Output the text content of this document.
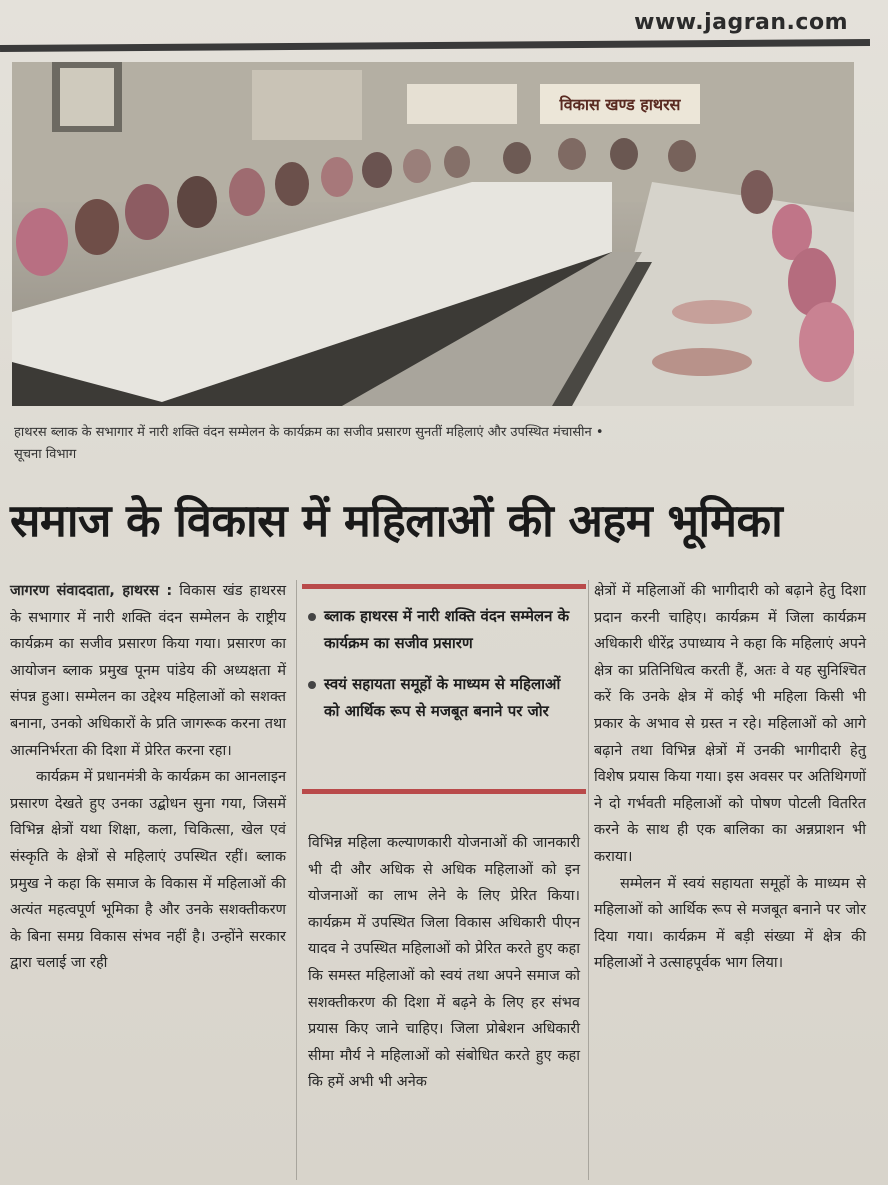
www.jagran.com
विकास खण्ड हाथरस
हाथरस ब्लाक के सभागार में नारी शक्ति वंदन सम्मेलन के कार्यक्रम का सजीव प्रसारण सुनतीं महिलाएं और उपस्थित मंचासीन •
सूचना विभाग
समाज के विकास में महिलाओं की अहम भूमिका

जागरण संवाददाता, हाथरस : विकास खंड हाथरस के सभागार में नारी शक्ति वंदन सम्मेलन के राष्ट्रीय कार्यक्रम का सजीव प्रसारण किया गया। प्रसारण का आयोजन ब्लाक प्रमुख पूनम पांडेय की अध्यक्षता में संपन्न हुआ। सम्मेलन का उद्देश्य महिलाओं को सशक्त बनाना, उनको अधिकारों के प्रति जागरूक करना तथा आत्मनिर्भरता की दिशा में प्रेरित करना रहा।

कार्यक्रम में प्रधानमंत्री के कार्यक्रम का आनलाइन प्रसारण देखते हुए उनका उद्बोधन सुना गया, जिसमें विभिन्न क्षेत्रों यथा शिक्षा, कला, चिकित्सा, खेल एवं संस्कृति के क्षेत्रों से महिलाएं उपस्थित रहीं। ब्लाक प्रमुख ने कहा कि समाज के विकास में महिलाओं की अत्यंत महत्वपूर्ण भूमिका है और उनके सशक्तीकरण के बिना समग्र विकास संभव नहीं है। उन्होंने सरकार द्वारा चलाई जा रही

ब्लाक हाथरस में नारी शक्ति वंदन सम्मेलन के कार्यक्रम का सजीव प्रसारण
स्वयं सहायता समूहों के माध्यम से महिलाओं को आर्थिक रूप से मजबूत बनाने पर जोर

विभिन्न महिला कल्याणकारी योजनाओं की जानकारी भी दी और अधिक से अधिक महिलाओं को इन योजनाओं का लाभ लेने के लिए प्रेरित किया। कार्यक्रम में उपस्थित जिला विकास अधिकारी पीएन यादव ने उपस्थित महिलाओं को प्रेरित करते हुए कहा कि समस्त महिलाओं को स्वयं तथा अपने समाज को सशक्तीकरण की दिशा में बढ़ने के लिए हर संभव प्रयास किए जाने चाहिए। जिला प्रोबेशन अधिकारी सीमा मौर्य ने महिलाओं को संबोधित करते हुए कहा कि हमें अभी भी अनेक

क्षेत्रों में महिलाओं की भागीदारी को बढ़ाने हेतु दिशा प्रदान करनी चाहिए। कार्यक्रम में जिला कार्यक्रम अधिकारी धीरेंद्र उपाध्याय ने कहा कि महिलाएं अपने क्षेत्र का प्रतिनिधित्व करती हैं, अतः वे यह सुनिश्चित करें कि उनके क्षेत्र में कोई भी महिला किसी भी प्रकार के अभाव से ग्रस्त न रहे। महिलाओं को आगे बढ़ाने तथा विभिन्न क्षेत्रों में उनकी भागीदारी हेतु विशेष प्रयास किया गया। इस अवसर पर अतिथिगणों ने दो गर्भवती महिलाओं को पोषण पोटली वितरित करने के साथ ही एक बालिका का अन्नप्राशन भी कराया।

सम्मेलन में स्वयं सहायता समूहों के माध्यम से महिलाओं को आर्थिक रूप से मजबूत बनाने पर जोर दिया गया। कार्यक्रम में बड़ी संख्या में क्षेत्र की महिलाओं ने उत्साहपूर्वक भाग लिया।
